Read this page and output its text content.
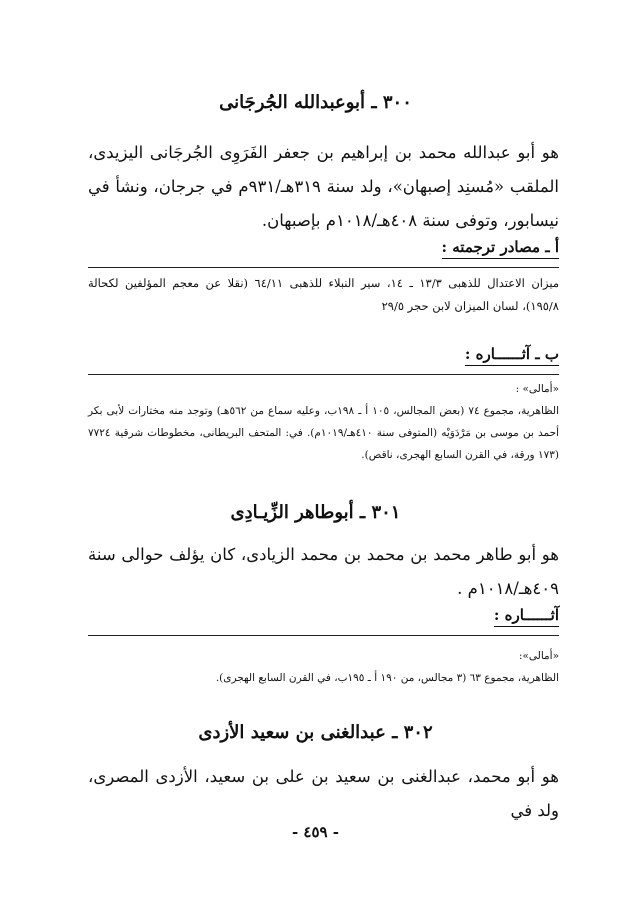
٣٠٠ ـ أبوعبدالله الجُرجَانى
هو أبو عبدالله محمد بن إبراهيم بن جعفر الفَرَوِى الجُرجَانى اليزيدى، الملقب «مُسنِد إصبهان»، ولد سنة ٣١٩هـ/٩٣١م في جرجان، ونشأ في نيسابور، وتوفى سنة ٤٠٨هـ/١٠١٨م بإصبهان.
أ ـ مصادر ترجمته :
ميزان الاعتدال للذهبى ١٣/٣ ـ ١٤، سير النبلاء للذهبى ٦٤/١١ (نقلا عن معجم المؤلفين لكحالة ١٩٥/٨)، لسان الميزان لابن حجر ٢٩/٥
ب ـ آثــــــاره :
«أمالى» :
الظاهرية، مجموع ٧٤ (بعض المجالس، ١٠٥ أ ـ ١٩٨ب، وعليه سماع من ٥٦٢هـ) وتوجد منه مختارات لأبى بكر أحمد بن موسى بن مَرْدَوَيْه (المتوفى سنة ٤١٠هـ/١٠١٩م). في: المتحف البريطانى، مخطوطات شرقية ٧٧٢٤ (١٧٣ ورقة، في القرن السابع الهجرى، ناقص).
٣٠١ ـ أبوطاهر الزِّيـادِى
هو أبو طاهر محمد بن محمد بن محمد الزيادى، كان يؤلف حوالى سنة ٤٠٩هـ/١٠١٨م .
آثــــــاره :
«أمالى»:
الظاهرية، مجموع ٦٣ (٣ مجالس، من ١٩٠ أ ـ ١٩٥ب، في القرن السابع الهجرى).
٣٠٢ ـ عبدالغنى بن سعيد الأزدى
هو أبو محمد، عبدالغنى بن سعيد بن على بن سعيد، الأزدى المصرى، ولد في
- ٤٥٩ -
